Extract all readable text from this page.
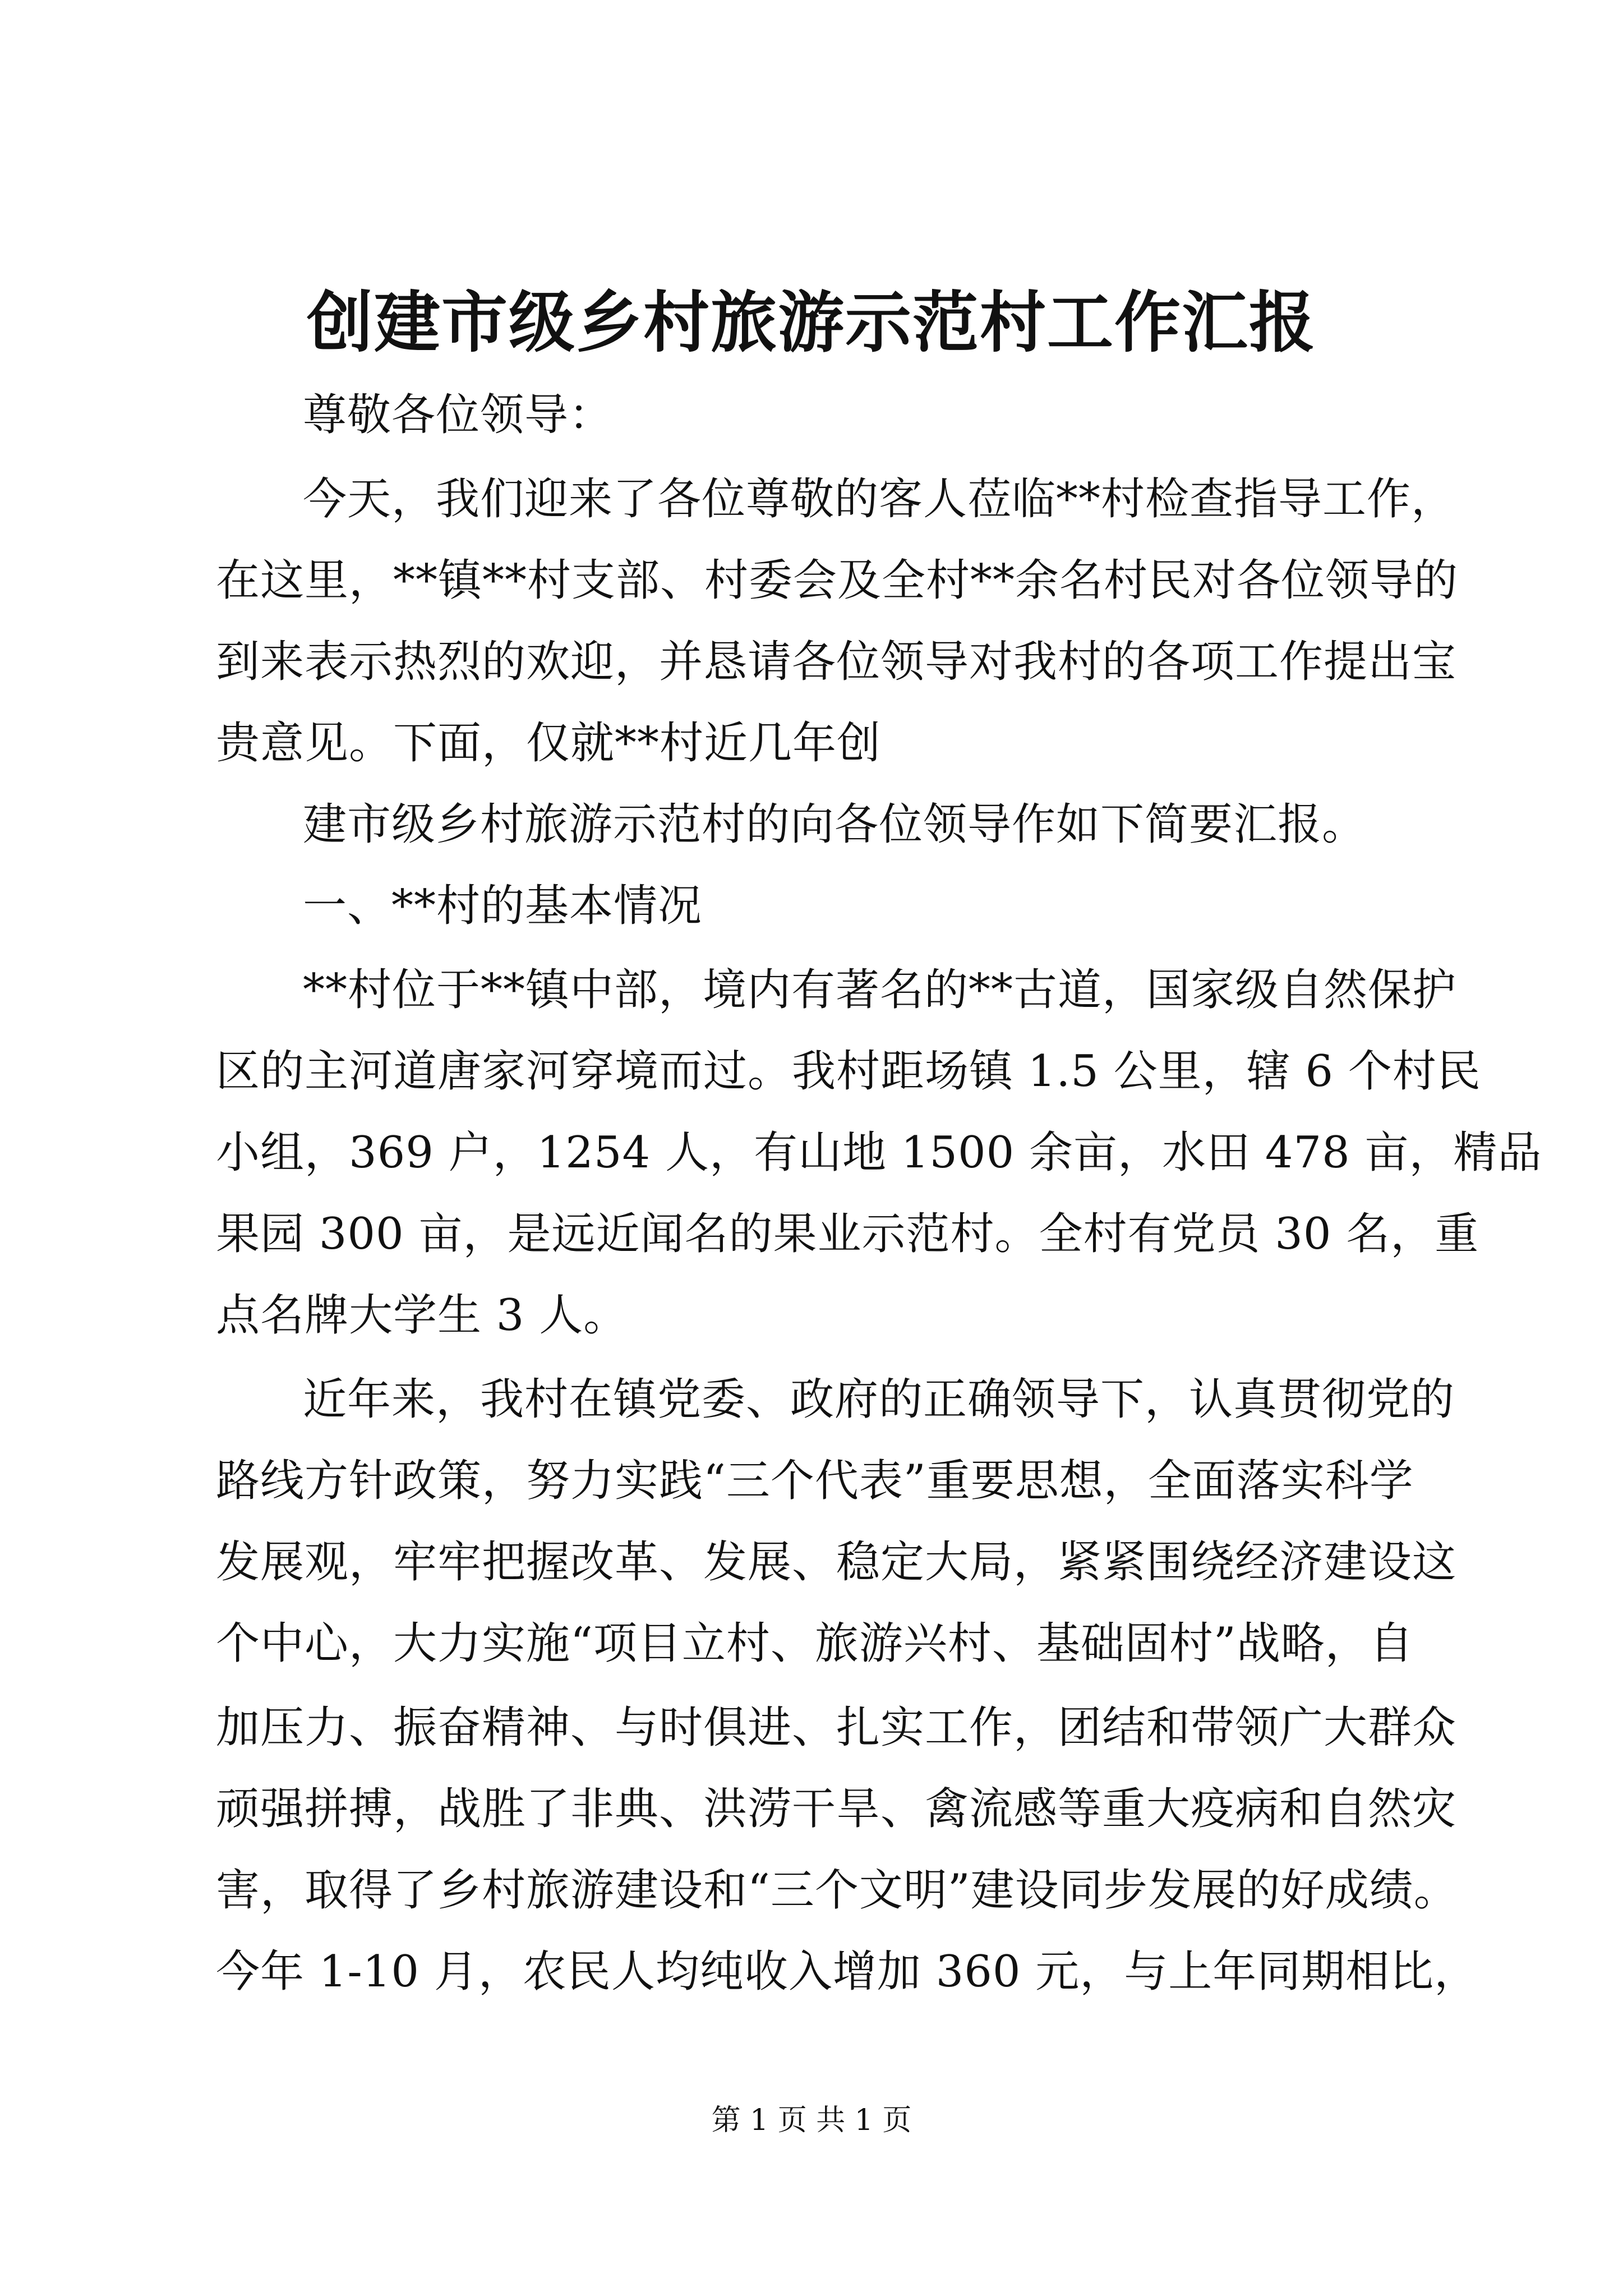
创建市级乡村旅游示范村工作汇报
尊敬各位领导：
今天，我们迎来了各位尊敬的客人莅临**村检查指导工作，
在这里，**镇**村支部、村委会及全村**余名村民对各位领导的
到来表示热烈的欢迎，并恳请各位领导对我村的各项工作提出宝
贵意见。下面，仅就**村近几年创
建市级乡村旅游示范村的向各位领导作如下简要汇报。
一、**村的基本情况
**村位于**镇中部，境内有著名的**古道，国家级自然保护
区的主河道唐家河穿境而过。我村距场镇 1.5 公里，辖 6 个村民
小组，369 户，1254 人，有山地 1500 余亩，水田 478 亩，精品
果园 300 亩，是远近闻名的果业示范村。全村有党员 30 名，重
点名牌大学生 3 人。
近年来，我村在镇党委、政府的正确领导下，认真贯彻党的
路线方针政策，努力实践“三个代表”重要思想，全面落实科学
发展观，牢牢把握改革、发展、稳定大局，紧紧围绕经济建设这
个中心，大力实施“项目立村、旅游兴村、基础固村”战略，自
加压力、振奋精神、与时俱进、扎实工作，团结和带领广大群众
顽强拼搏，战胜了非典、洪涝干旱、禽流感等重大疫病和自然灾
害，取得了乡村旅游建设和“三个文明”建设同步发展的好成绩。
今年 1-10 月，农民人均纯收入增加 360 元，与上年同期相比，
第 1 页 共 1 页
